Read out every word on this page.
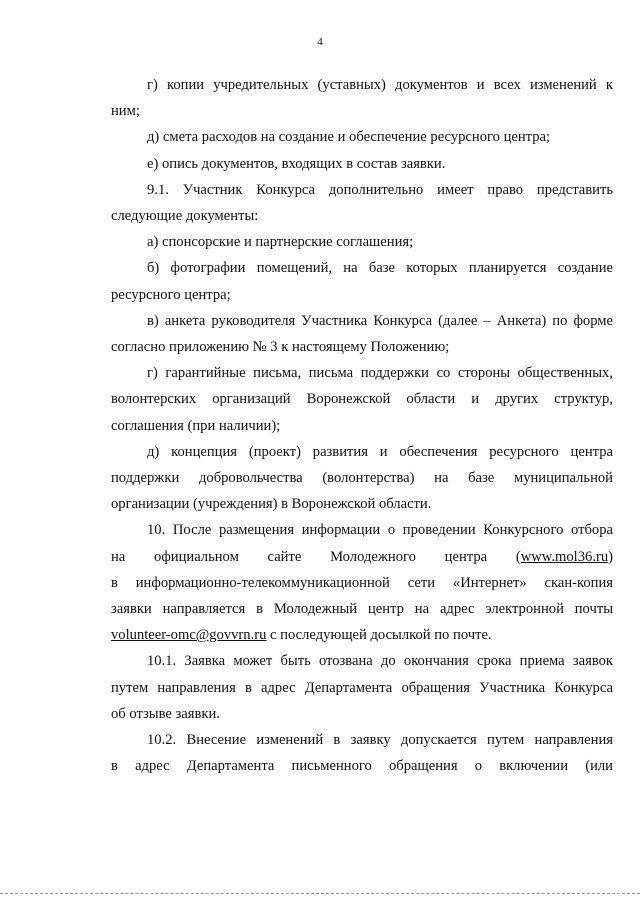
4
г) копии учредительных (уставных) документов и всех изменений к
ним;
д) смета расходов на создание и обеспечение ресурсного центра;
е) опись документов, входящих в состав заявки.
9.1. Участник Конкурса дополнительно имеет право представить
следующие документы:
а) спонсорские и партнерские соглашения;
б) фотографии помещений, на базе которых планируется создание
ресурсного центра;
в) анкета руководителя Участника Конкурса (далее – Анкета) по форме
согласно приложению № 3 к настоящему Положению;
г) гарантийные письма, письма поддержки со стороны общественных,
волонтерских организаций Воронежской области и других структур,
соглашения (при наличии);
д) концепция (проект) развития и обеспечения ресурсного центра
поддержки добровольчества (волонтерства) на базе муниципальной
организации (учреждения) в Воронежской области.
10. После размещения информации о проведении Конкурсного отбора
на официальном сайте Молодежного центра (www.mol36.ru)
в информационно-телекоммуникационной сети «Интернет» скан-копия
заявки направляется в Молодежный центр на адрес электронной почты
volunteer-omc@govvrn.ru с последующей досылкой по почте.
10.1. Заявка может быть отозвана до окончания срока приема заявок
путем направления в адрес Департамента обращения Участника Конкурса
об отзыве заявки.
10.2. Внесение изменений в заявку допускается путем направления
в адрес Департамента письменного обращения о включении (или
